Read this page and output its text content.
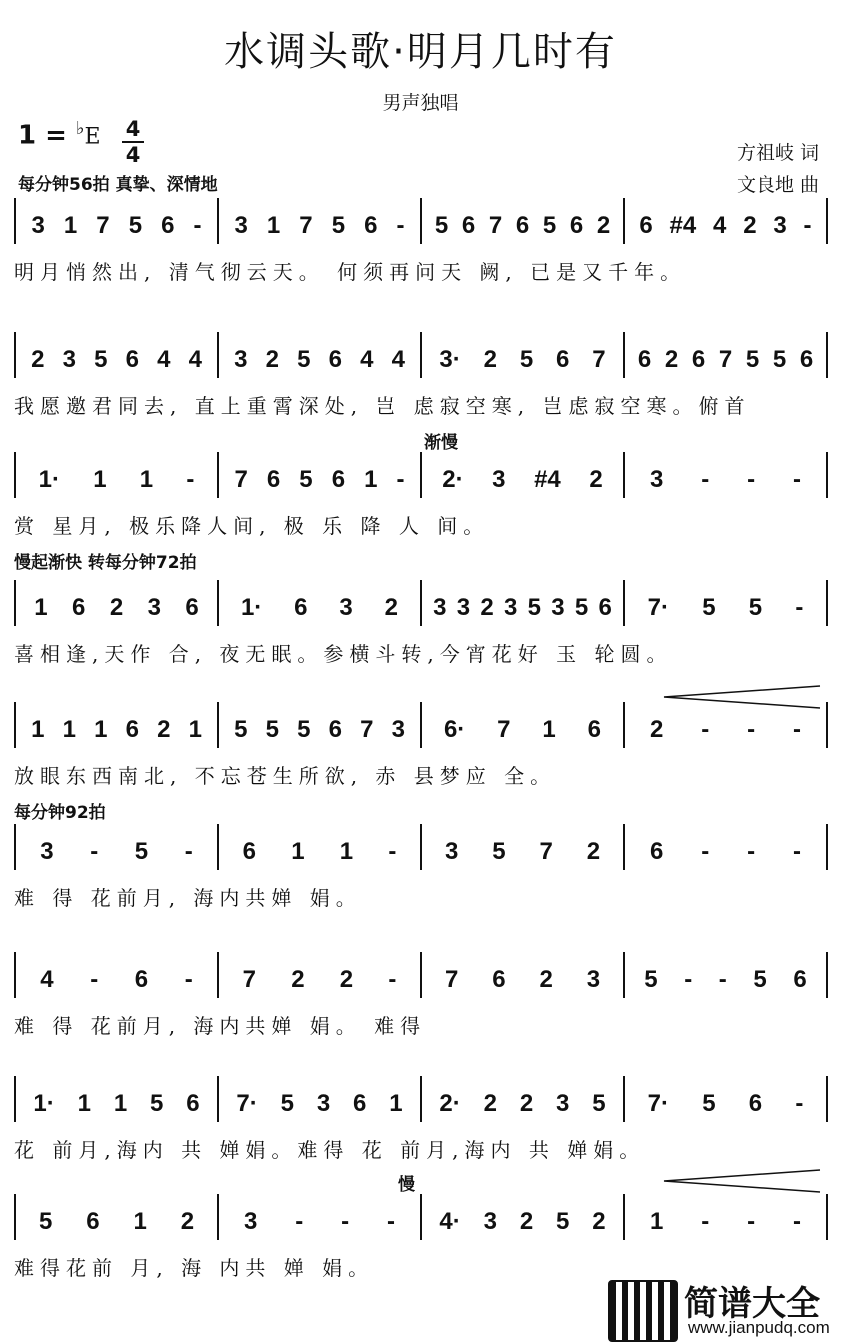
水调头歌·明月几时有
男声独唱
1 = ♭E 4
4
每分钟56拍 真挚、深情地
方祖岐 词
文良地 曲
3 1 7 5 6 - 3 1 7 5 6 - 5 6 7 6 5 6 2 6 #4 4 2 3 -
明月悄然出, 清气彻云天。 何须再问天 阙, 已是又千年。
2 3 5 6 4 4 3 2 5 6 4 4 3· 2 5 6 7 6 2 6 7 5 5 6
我愿邀君同去, 直上重霄深处, 岂 虑寂空寒, 岂虑寂空寒。俯首
1· 1 1 - 7 6 5 6 1 - 2· 3 #4 2 3 - - -
赏 星月, 极乐降人间, 极 乐 降 人 间。
渐慢
1 6 2 3 6 1· 6 3 2 3 3 2 3 5 3 5 6 7· 5 5 -
喜相逢,天作 合, 夜无眠。参横斗转,今宵花好 玉 轮圆。
慢起渐快 转每分钟72拍
1 1 1 6 2 1 5 5 5 6 7 3 6· 7 1 6 2 - - -
放眼东西南北, 不忘苍生所欲, 赤 县梦应 全。
3 - 5 - 6 1 1 - 3 5 7 2 6 - - -
难 得 花前月, 海内共婵 娟。
每分钟92拍
4 - 6 - 7 2 2 - 7 6 2 3 5 - - 5 6
难 得 花前月, 海内共婵 娟。 难得
1· 1 1 5 6 7· 5 3 6 1 2· 2 2 3 5 7· 5 6 -
花 前月,海内 共 婵娟。难得 花 前月,海内 共 婵娟。
5 6 1 2 3 - - - 4· 3 2 5 2 1 - - -
难得花前 月, 海 内共 婵 娟。
慢
简谱大全
www.jianpudq.com
